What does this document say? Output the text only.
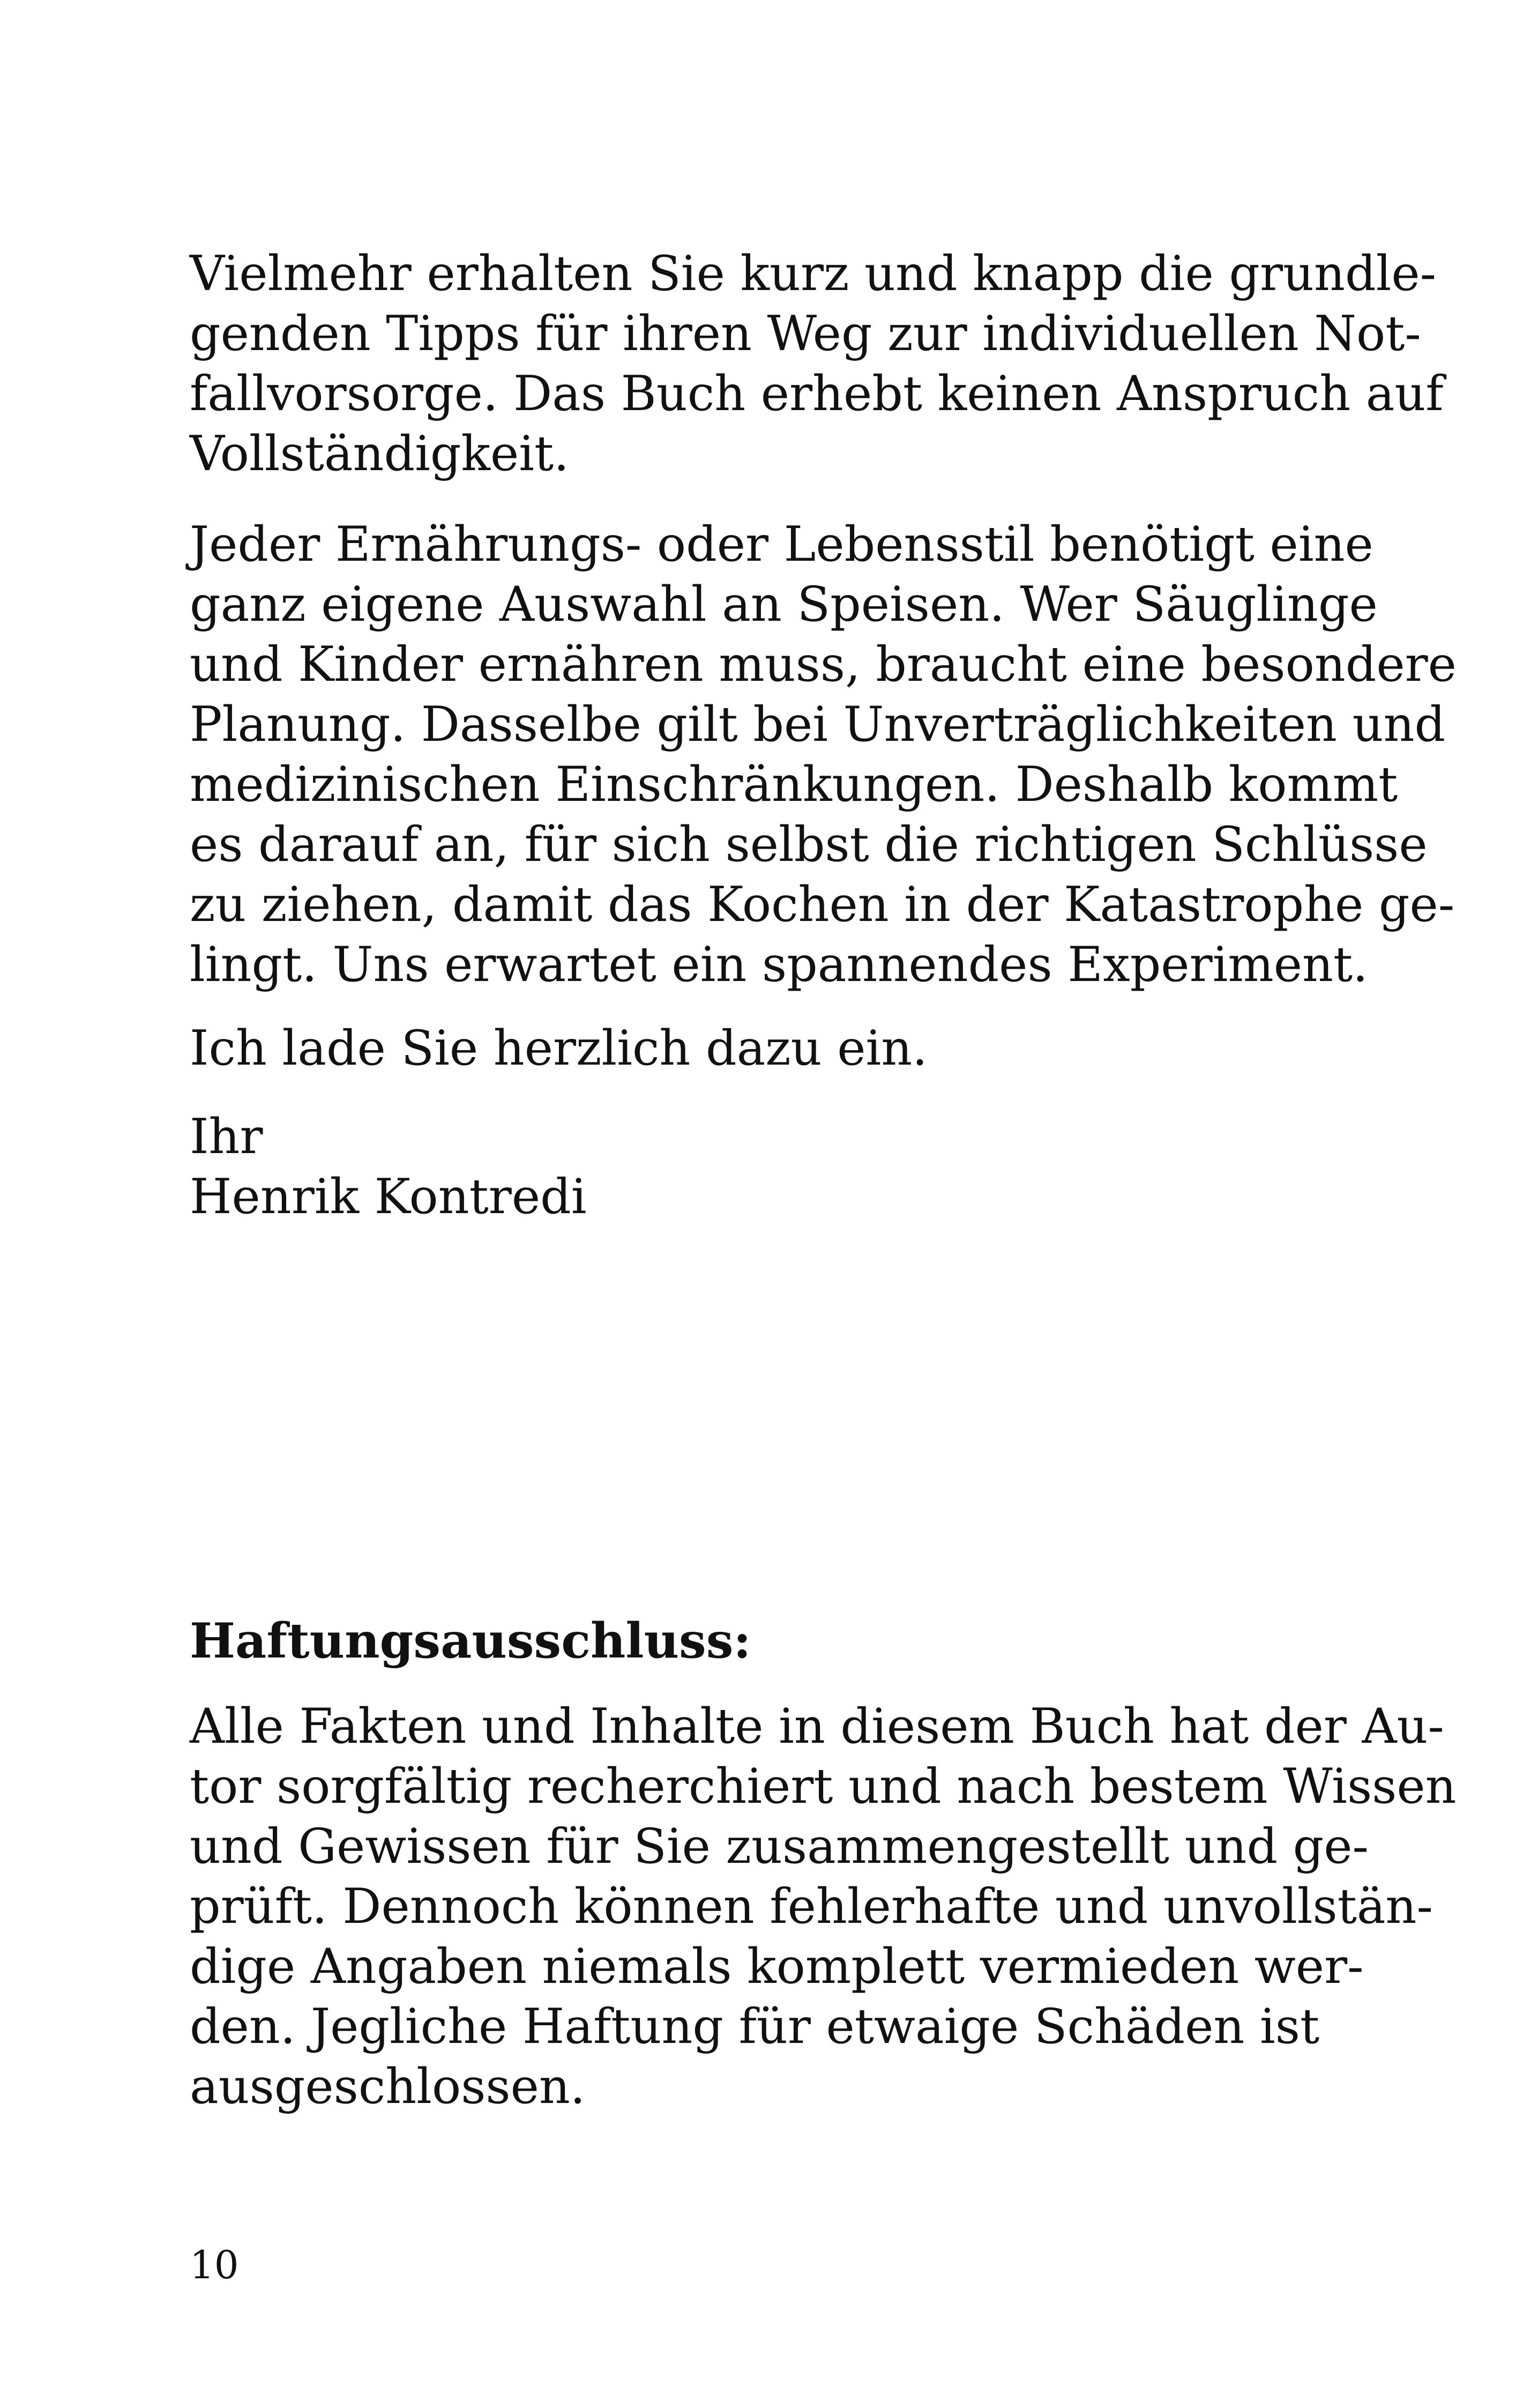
Vielmehr erhalten Sie kurz und knapp die grundle-
genden Tipps für ihren Weg zur individuellen Not-
fallvorsorge. Das Buch erhebt keinen Anspruch auf
Vollständigkeit.
Jeder Ernährungs- oder Lebensstil benötigt eine
ganz eigene Auswahl an Speisen. Wer Säuglinge
und Kinder ernähren muss, braucht eine besondere
Planung. Dasselbe gilt bei Unverträglichkeiten und
medizinischen Einschränkungen. Deshalb kommt
es darauf an, für sich selbst die richtigen Schlüsse
zu ziehen, damit das Kochen in der Katastrophe ge-
lingt. Uns erwartet ein spannendes Experiment.
Ich lade Sie herzlich dazu ein.
Ihr
Henrik Kontredi
Haftungsausschluss:
Alle Fakten und Inhalte in diesem Buch hat der Au-
tor sorgfältig recherchiert und nach bestem Wissen
und Gewissen für Sie zusammengestellt und ge-
prüft. Dennoch können fehlerhafte und unvollstän-
dige Angaben niemals komplett vermieden wer-
den. Jegliche Haftung für etwaige Schäden ist
ausgeschlossen.
10
